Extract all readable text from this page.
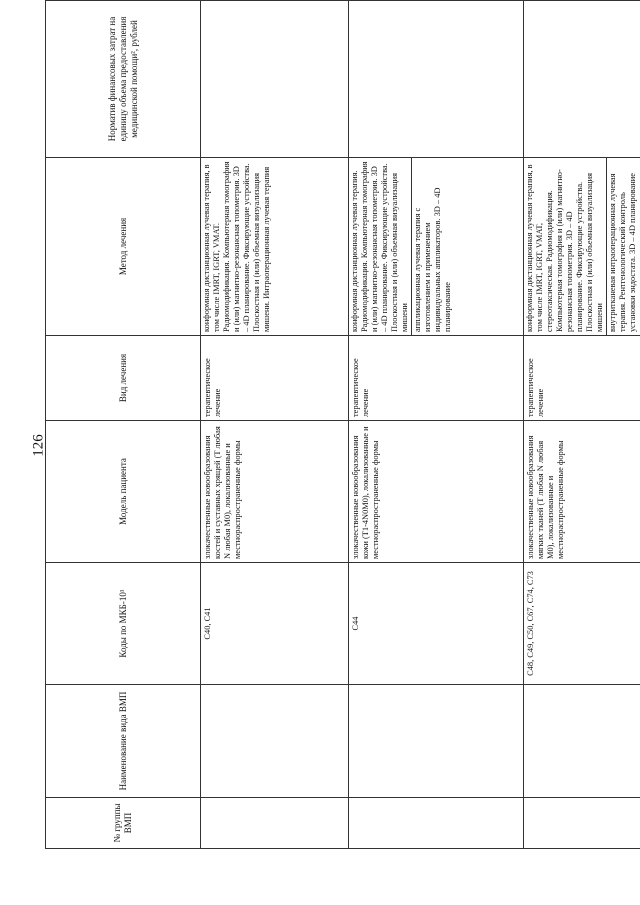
126
№ группы ВМП	Наименование вида ВМП	Коды по МКБ-10¹	Модель пациента	Вид лечения	Метод лечения	Норматив финансовых затрат на единицу объема предоставления медицинской помощи², рублей
		C40, C41	злокачественные новообразования костей и суставных хрящей (T любая N любая M0), локализованные и местнораспространенные формы	терапевтическое лечение	конформная дистанционная лучевая терапия, в том числе IMRT, IGRT, VMAT. Радиомодификация. Компьютерная томография и (или) магнитно-резонансная топометрия. 3D – 4D планирование. Фиксирующие устройства. Плоскостная и (или) объемная визуализация мишени. Интраоперационная лучевая терапия	

		C44	злокачественные новообразования кожи (T1-4N0M0), локализованные и местнораспространенные формы	терапевтическое лечение	конформная дистанционная лучевая терапия. Радиомодификация. Компьютерная томография и (или) магнитно-резонансная топометрия. 3D – 4D планирование. Фиксирующие устройства. Плоскостная и (или) объемная визуализация мишени аппликационная лучевая терапия с изготовлением и применением индивидуальных аппликаторов. 3D – 4D планирование	

		C48, C49, C50, C67, C74, C73	злокачественные новообразования мягких тканей (T любая N любая M0), локализованные и местнораспространенные формы	терапевтическое лечение	конформная дистанционная лучевая терапия, в том числе IMRT, IGRT, VMAT, стереотаксическая. Радиомодификация. Компьютерная томография и (или) магнитно-резонансная топометрия. 3D – 4D планирование. Фиксирующие устройства. Плоскостная и (или) объемная визуализация мишени внутритканевая интраоперационная лучевая терапия. Рентгенологический контроль установки эндостата. 3D – 4D планирование	
